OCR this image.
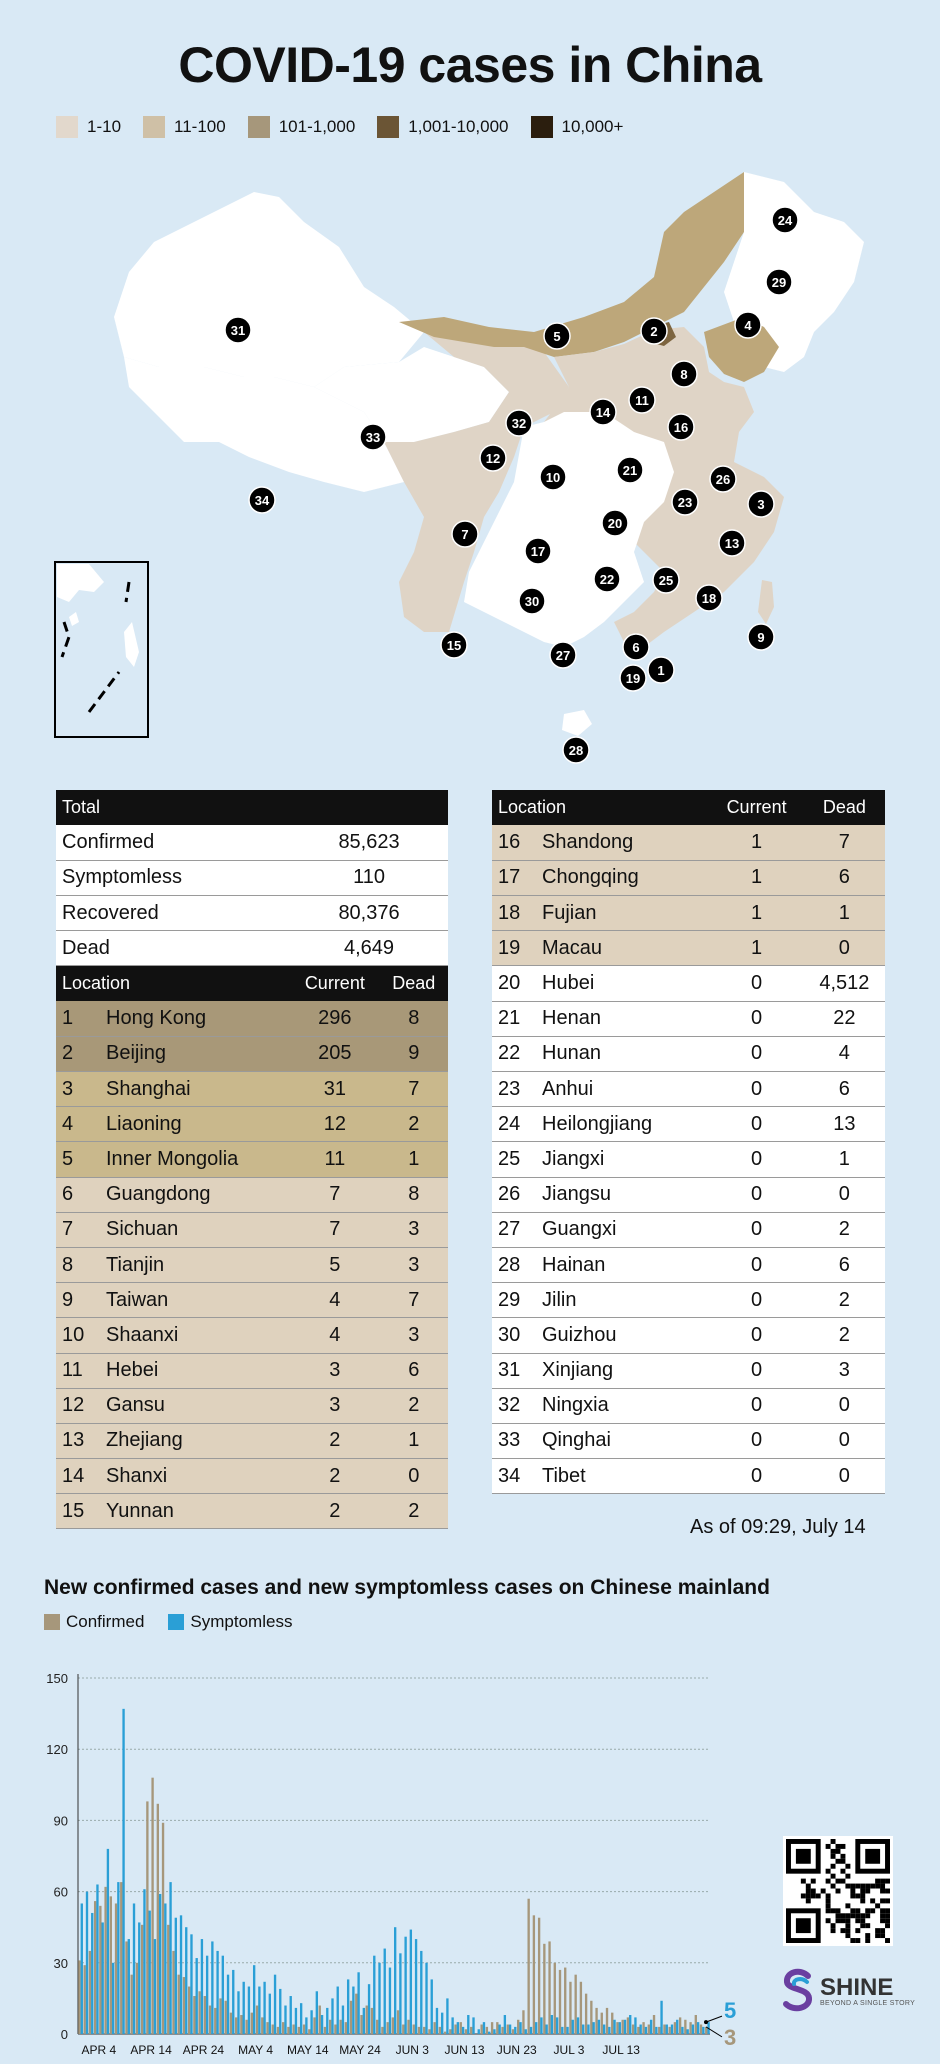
COVID-19 cases in China
1-10	11-100	101-1,000	1,001-10,000	10,000+
1
2
3
4
5
6
7
8
9
10
11
12
13
14
15
16
17
18
19
20
21
22
23
24
25
26
27
28
29
30
31
32
33
34
Total		
Confirmed	85,623	
Symptomless	110	
Recovered	80,376	
Dead	4,649	
Location	Current	Dead
1 Hong Kong	296	8
2 Beijing	205	9
3 Shanghai	31	7
4 Liaoning	12	2
5 Inner Mongolia	11	1
6 Guangdong	7	8
7 Sichuan	7	3
8 Tianjin	5	3
9 Taiwan	4	7
10 Shaanxi	4	3
11 Hebei	3	6
12 Gansu	3	2
13 Zhejiang	2	1
14 Shanxi	2	0
15 Yunnan	2	2
Location	Current	Dead
16 Shandong	1	7
17 Chongqing	1	6
18 Fujian	1	1
19 Macau	1	0
20 Hubei	0	4,512
21 Henan	0	22
22 Hunan	0	4
23 Anhui	0	6
24 Heilongjiang	0	13
25 Jiangxi	0	1
26 Jiangsu	0	0
27 Guangxi	0	2
28 Hainan	0	6
29 Jilin	0	2
30 Guizhou	0	2
31 Xinjiang	0	3
32 Ningxia	0	0
33 Qinghai	0	0
34 Tibet	0	0
As of 09:29, July 14
New confirmed cases and new symptomless cases on Chinese mainland
Confirmed	Symptomless
0
30
60
90
120
150
APR 4 APR 14 APR 24 MAY 4 MAY 14 MAY 24 JUN 3 JUN 13 JUN 23 JUL 3 JUL 13
5
3
SHINE
BEYOND A SINGLE STORY
